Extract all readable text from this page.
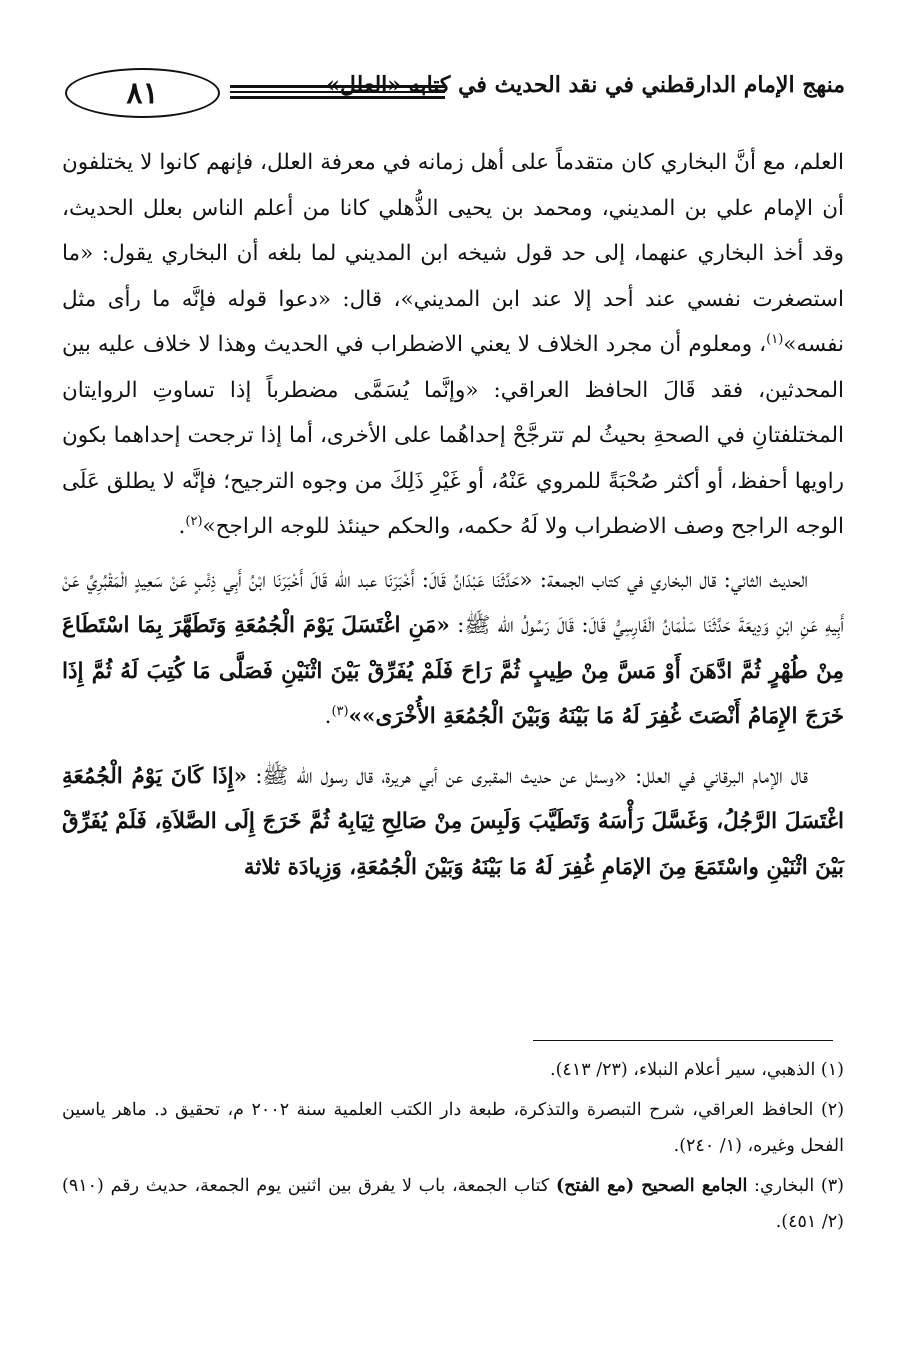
٨١	منهج الإمام الدارقطني في نقد الحديث في كتابه «العلل»

العلم، مع أنَّ البخاري كان متقدماً على أهل زمانه في معرفة العلل، فإنهم كانوا لا يختلفون أن الإمام علي بن المديني، ومحمد بن يحيى الذُّهلي كانا من أعلم الناس بعلل الحديث، وقد أخذ البخاري عنهما، إلى حد قول شيخه ابن المديني لما بلغه أن البخاري يقول: «ما استصغرت نفسي عند أحد إلا عند ابن المديني»، قال: «دعوا قوله فإنَّه ما رأى مثل نفسه»$^{(١)}$، ومعلوم أن مجرد الخلاف لا يعني الاضطراب في الحديث وهذا لا خلاف عليه بين المحدثين، فقد قَالَ الحافظ العراقي: «وإنَّما يُسَمَّى مضطرباً إذا تساوتِ الروايتان المختلفتانِ في الصحةِ بحيثُ لم تترجَّحْ إحداهُما على الأخرى، أما إذا ترجحت إحداهما بكون راويها أحفظ، أو أكثر صُحْبَةً للمروي عَنْهُ، أو غَيْرِ ذَلِكَ من وجوه الترجيح؛ فإنَّه لا يطلق عَلَى الوجه الراجح وصف الاضطراب ولا لَهُ حكمه، والحكم حينئذ للوجه الراجح»$^{(٢)}$.

الحديث الثاني: قال البخاري في كتاب الجمعة: «حَدَّثَنَا عَبْدَانُ قَالَ: أَخْبَرَنَا عبد الله قَالَ أَخْبَرَنَا ابْنُ أَبِي ذِئْبٍ عَنْ سَعِيدٍ الْمَقْبُرِيِّ عَنْ أَبِيهِ عَنِ ابْنِ وَدِيعَةَ حَدَّثَنَا سَلْمَانُ الْفَارِسِيُّ قَالَ: قَالَ رَسُولُ الله ﷺ: «مَنِ اغْتَسَلَ يَوْمَ الْجُمُعَةِ وَتَطَهَّرَ بِمَا اسْتَطَاعَ مِنْ طُهْرٍ ثُمَّ ادَّهَنَ أَوْ مَسَّ مِنْ طِيبٍ ثُمَّ رَاحَ فَلَمْ يُفَرِّقْ بَيْنَ اثْنَيْنِ فَصَلَّى مَا كُتِبَ لَهُ ثُمَّ إِذَا خَرَجَ الإِمَامُ أَنْصَتَ غُفِرَ لَهُ مَا بَيْنَهُ وَبَيْنَ الْجُمُعَةِ الأُخْرَى»»$^{(٣)}$.

قال الإمام البرقاني في العلل: «وسئل عن حديث المقبرى عن أبي هريرة، قال رسول الله ﷺ: «إِذَا كَانَ يَوْمُ الْجُمُعَةِ اغْتَسَلَ الرَّجُلُ، وَغَسَّلَ رَأْسَهُ وَتَطَيَّبَ وَلَبِسَ مِنْ صَالِحِ ثِيَابِهُ ثُمَّ خَرَجَ إِلَى الصَّلاَةِ، فَلَمْ يُفَرِّقْ بَيْنَ اثْنَيْنِ واسْتَمَعَ مِنَ الإمَامِ غُفِرَ لَهُ مَا بَيْنَهُ وَبَيْنَ الْجُمُعَةِ، وَزِيادَة ثلاثة

(١) الذهبي، سير أعلام النبلاء، (٢٣/ ٤١٣).

(٢) الحافظ العراقي، شرح التبصرة والتذكرة، طبعة دار الكتب العلمية سنة ٢٠٠٢ م، تحقيق د. ماهر ياسين الفحل وغيره، (١/ ٢٤٠).

(٣) البخاري: الجامع الصحيح (مع الفتح) كتاب الجمعة، باب لا يفرق بين اثنين يوم الجمعة، حديث رقم (٩١٠) (٢/ ٤٥١).
